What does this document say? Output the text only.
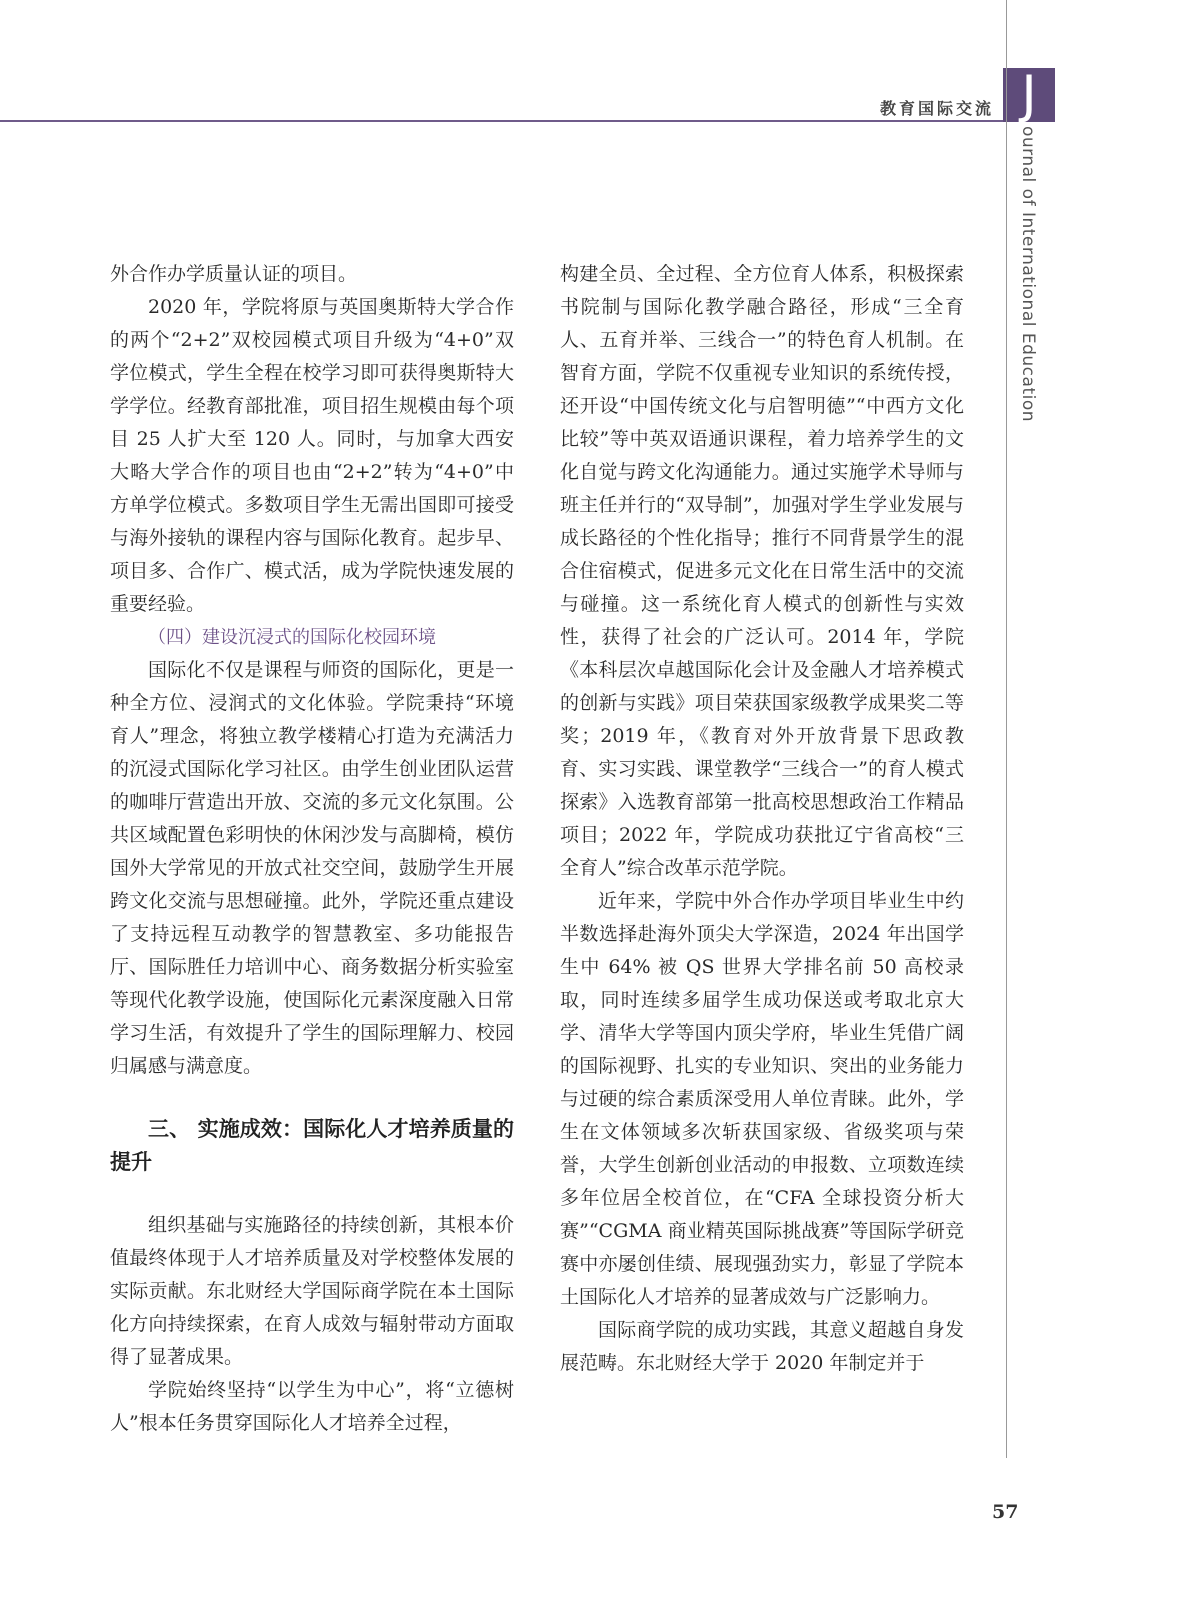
教育国际交流 J
ournal of International Education

外合作办学质量认证的项目。

2020 年，学院将原与英国奥斯特大学合作的两个“2+2”双校园模式项目升级为“4+0”双学位模式，学生全程在校学习即可获得奥斯特大学学位。经教育部批准，项目招生规模由每个项目 25 人扩大至 120 人。同时，与加拿大西安大略大学合作的项目也由“2+2”转为“4+0”中方单学位模式。多数项目学生无需出国即可接受与海外接轨的课程内容与国际化教育。起步早、项目多、合作广、模式活，成为学院快速发展的重要经验。

（四）建设沉浸式的国际化校园环境

国际化不仅是课程与师资的国际化，更是一种全方位、浸润式的文化体验。学院秉持“环境育人”理念，将独立教学楼精心打造为充满活力的沉浸式国际化学习社区。由学生创业团队运营的咖啡厅营造出开放、交流的多元文化氛围。公共区域配置色彩明快的休闲沙发与高脚椅，模仿国外大学常见的开放式社交空间，鼓励学生开展跨文化交流与思想碰撞。此外，学院还重点建设了支持远程互动教学的智慧教室、多功能报告厅、国际胜任力培训中心、商务数据分析实验室等现代化教学设施，使国际化元素深度融入日常学习生活，有效提升了学生的国际理解力、校园归属感与满意度。

三、 实施成效：国际化人才培养质量的提升

组织基础与实施路径的持续创新，其根本价值最终体现于人才培养质量及对学校整体发展的实际贡献。东北财经大学国际商学院在本土国际化方向持续探索，在育人成效与辐射带动方面取得了显著成果。

学院始终坚持“以学生为中心”，将“立德树人”根本任务贯穿国际化人才培养全过程，

构建全员、全过程、全方位育人体系，积极探索书院制与国际化教学融合路径，形成“三全育人、五育并举、三线合一”的特色育人机制。在智育方面，学院不仅重视专业知识的系统传授，还开设“中国传统文化与启智明德”“中西方文化比较”等中英双语通识课程，着力培养学生的文化自觉与跨文化沟通能力。通过实施学术导师与班主任并行的“双导制”，加强对学生学业发展与成长路径的个性化指导；推行不同背景学生的混合住宿模式，促进多元文化在日常生活中的交流与碰撞。这一系统化育人模式的创新性与实效性，获得了社会的广泛认可。2014 年，学院《本科层次卓越国际化会计及金融人才培养模式的创新与实践》项目荣获国家级教学成果奖二等奖；2019 年，《教育对外开放背景下思政教育、实习实践、课堂教学“三线合一”的育人模式探索》入选教育部第一批高校思想政治工作精品项目；2022 年，学院成功获批辽宁省高校“三全育人”综合改革示范学院。

近年来，学院中外合作办学项目毕业生中约半数选择赴海外顶尖大学深造，2024 年出国学生中 64% 被 QS 世界大学排名前 50 高校录取，同时连续多届学生成功保送或考取北京大学、清华大学等国内顶尖学府，毕业生凭借广阔的国际视野、扎实的专业知识、突出的业务能力与过硬的综合素质深受用人单位青睐。此外，学生在文体领域多次斩获国家级、省级奖项与荣誉，大学生创新创业活动的申报数、立项数连续多年位居全校首位，在“CFA 全球投资分析大赛”“CGMA 商业精英国际挑战赛”等国际学研竞赛中亦屡创佳绩、展现强劲实力，彰显了学院本土国际化人才培养的显著成效与广泛影响力。

国际商学院的成功实践，其意义超越自身发展范畴。东北财经大学于 2020 年制定并于

57
